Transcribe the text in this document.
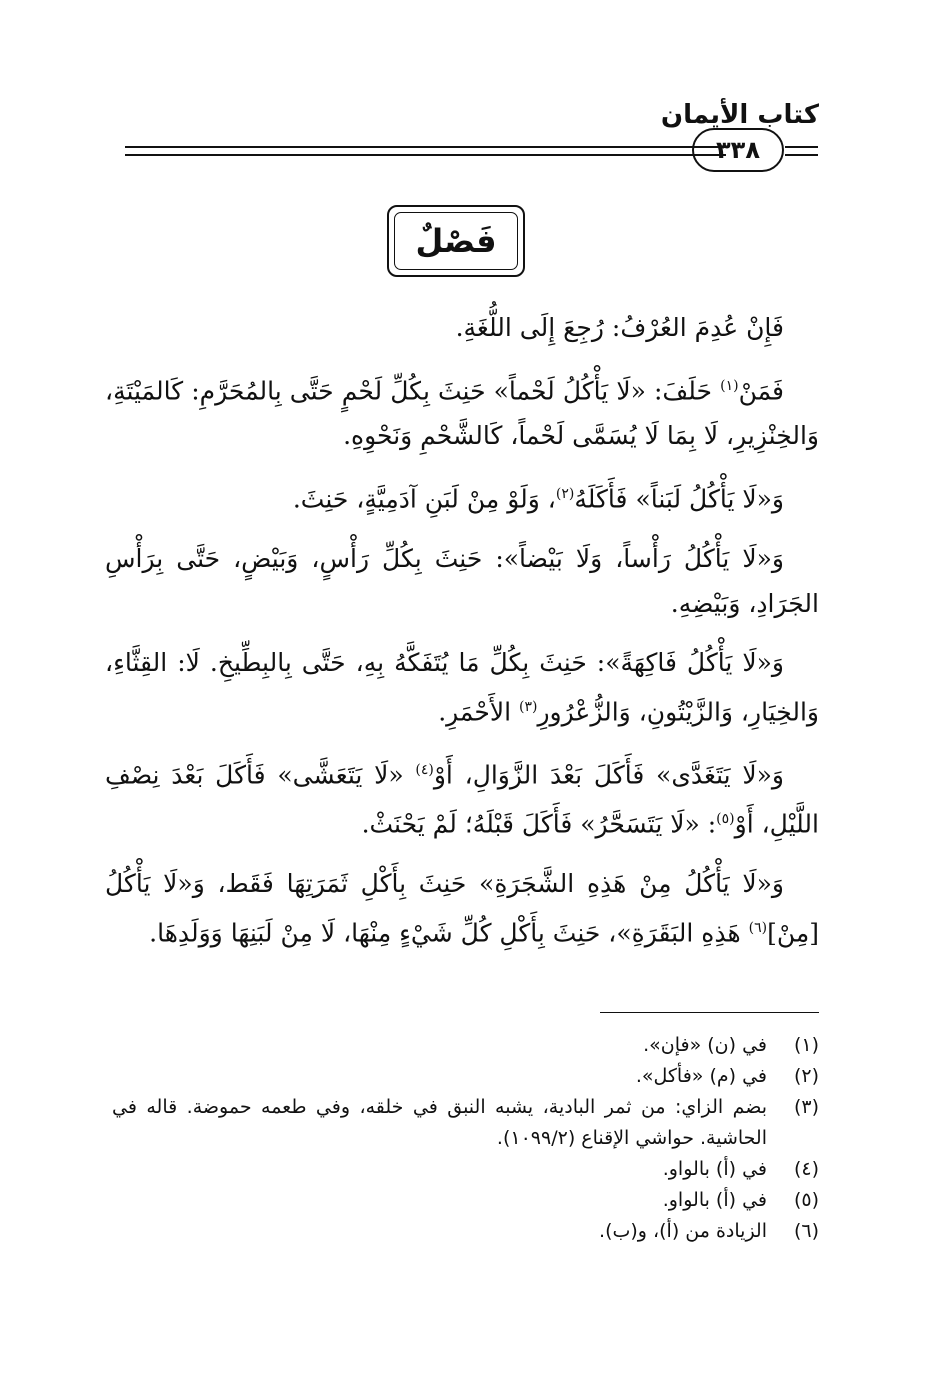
كتاب الأيمان
٣٣٨
فَصْلٌ

فَإِنْ عُدِمَ العُرْفُ: رُجِعَ إِلَى اللُّغَةِ.

فَمَنْ$^{(١)}$ حَلَفَ: «لَا يَأْكُلُ لَحْماً» حَنِثَ بِكُلِّ لَحْمٍ حَتَّى بِالمُحَرَّمِ: كَالمَيْتَةِ، وَالخِنْزِيرِ، لَا بِمَا لَا يُسَمَّى لَحْماً، كَالشَّحْمِ وَنَحْوِهِ.

وَ«لَا يَأْكُلُ لَبَناً» فَأَكَلَهُ$^{(٢)}$، وَلَوْ مِنْ لَبَنِ آدَمِيَّةٍ، حَنِثَ.

وَ«لَا يَأْكُلُ رَأْساً، وَلَا بَيْضاً»: حَنِثَ بِكُلِّ رَأْسٍ، وَبَيْضٍ، حَتَّى بِرَأْسِ الجَرَادِ، وَبَيْضِهِ.

وَ«لَا يَأْكُلُ فَاكِهَةً»: حَنِثَ بِكُلِّ مَا يُتَفَكَّهُ بِهِ، حَتَّى بِالبِطِّيخِ. لَا: القِثَّاءِ، وَالخِيَارِ، وَالزَّيْتُونِ، وَالزُّعْرُورِ$^{(٣)}$ الأَحْمَرِ.

وَ«لَا يَتَغَدَّى» فَأَكَلَ بَعْدَ الزَّوَالِ، أَوْ$^{(٤)}$ «لَا يَتَعَشَّى» فَأَكَلَ بَعْدَ نِصْفِ اللَّيْلِ، أَوْ$^{(٥)}$: «لَا يَتَسَحَّرُ» فَأَكَلَ قَبْلَهُ؛ لَمْ يَحْنَثْ.

وَ«لَا يَأْكُلُ مِنْ هَذِهِ الشَّجَرَةِ» حَنِثَ بِأَكْلِ ثَمَرَتِهَا فَقَط، وَ«لَا يَأْكُلُ [مِنْ]$^{(٦)}$ هَذِهِ البَقَرَةِ»، حَنِثَ بِأَكْلِ كُلِّ شَيْءٍ مِنْهَا، لَا مِنْ لَبَنِهَا وَوَلَدِهَا.

(١)
في (ن) «فإن».
(٢)
في (م) «فأكل».
(٣)
بضم الزاي: من ثمر البادية، يشبه النبق في خلقه، وفي طعمه حموضة. قاله في الحاشية. حواشي الإقناع (١٠٩٩/٢).
(٤)
في (أ) بالواو.
(٥)
في (أ) بالواو.
(٦)
الزيادة من (أ)، و(ب).
